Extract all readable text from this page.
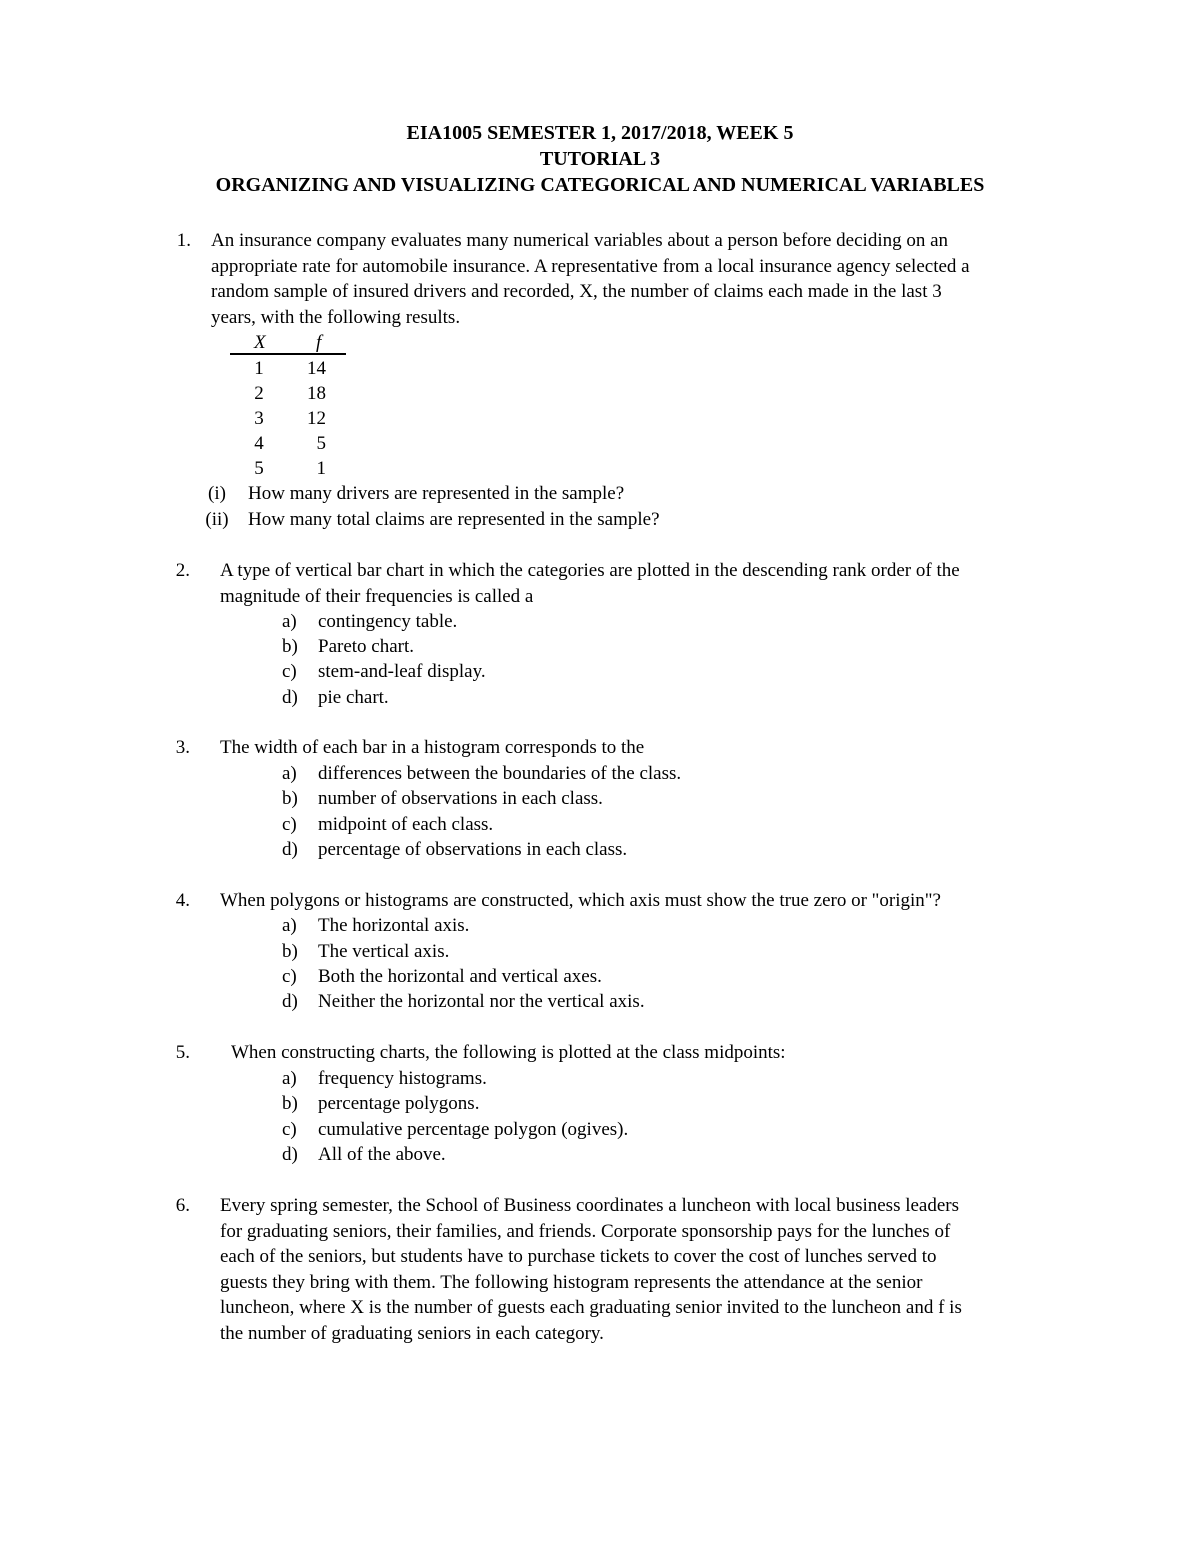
EIA1005 SEMESTER 1, 2017/2018, WEEK 5
TUTORIAL 3
ORGANIZING AND VISUALIZING CATEGORICAL AND NUMERICAL VARIABLES
1. An insurance company evaluates many numerical variables about a person before deciding on an
appropriate rate for automobile insurance. A representative from a local insurance agency selected a
random sample of insured drivers and recorded, X, the number of claims each made in the last 3
years, with the following results.
X	f
1	14
2	18
3	12
4	5
5	1
(i)	How many drivers are represented in the sample?
(ii) How many total claims are represented in the sample?
2. A type of vertical bar chart in which the categories are plotted in the descending rank order of the
magnitude of their frequencies is called a
a)	contingency table.
b)	Pareto chart.
c)	stem-and-leaf display.
d)	pie chart.
3. The width of each bar in a histogram corresponds to the
a)	differences between the boundaries of the class.
b)	number of observations in each class.
c)	midpoint of each class.
d)	percentage of observations in each class.
4. When polygons or histograms are constructed, which axis must show the true zero or "origin"?
a)	The horizontal axis.
b)	The vertical axis.
c)	Both the horizontal and vertical axes.
d)	Neither the horizontal nor the vertical axis.
5. When constructing charts, the following is plotted at the class midpoints:
a)	frequency histograms.
b)	percentage polygons.
c)	cumulative percentage polygon (ogives).
d)	All of the above.
6. Every spring semester, the School of Business coordinates a luncheon with local business leaders
for graduating seniors, their families, and friends. Corporate sponsorship pays for the lunches of
each of the seniors, but students have to purchase tickets to cover the cost of lunches served to
guests they bring with them. The following histogram represents the attendance at the senior
luncheon, where X is the number of guests each graduating senior invited to the luncheon and f is
the number of graduating seniors in each category.
